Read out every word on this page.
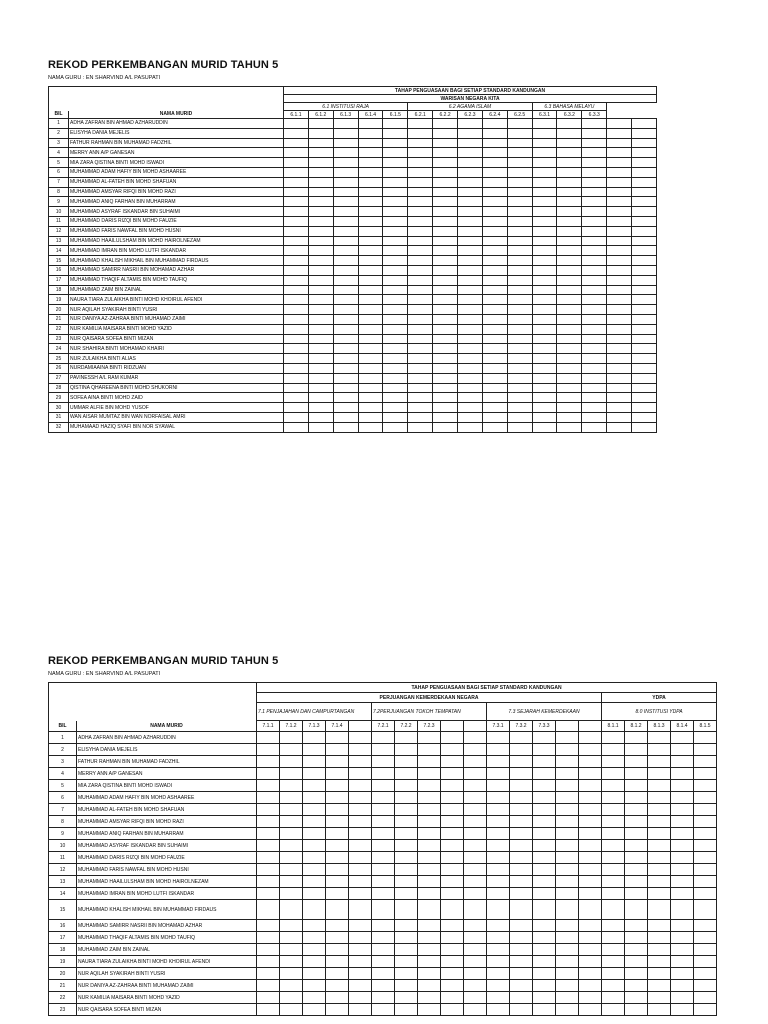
REKOD PERKEMBANGAN MURID TAHUN 5
NAMA GURU : EN SHARVIND A/L PASUPATI
		TAHAP PENGUASAAN BAGI SETIAP STANDARD KANDUNGAN														
		WARISAN NEGARA KITA														
		6.1 INSTITUSI RAJA					6.2 AGAMA ISLAM					6.3 BAHASA MELAYU				
BIL	NAMA MURID	6.1.1	6.1.2	6.1.3	6.1.4	6.1.5	6.2.1	6.2.2	6.2.3	6.2.4	6.2.5	6.3.1	6.3.2	6.3.3		
1	ADHA ZAFRAN BIN AHMAD AZHARUDDIN															
2	ELISYHA DANIA MEJELIS															
3	FATHUR RAHMAN BIN MUHAMAD FADZHIL															
4	MERRY ANN A/P GANESAN															
5	MIA ZARA QISTINA BINTI MOHD ISWADI															
6	MUHAMMAD ADAM HAFIY BIN MOHD ASHAAREE															
7	MUHAMMAD AL-FATEH BIN MOHD SHAFUAN															
8	MUHAMMAD AMSYAR RIFQI BIN MOHD RAZI															
9	MUHAMMAD ANIQ FARHAN BIN MUHARRAM															
10	MUHAMMAD ASYRAF ISKANDAR BIN SUHAIMI															
11	MUHAMMAD DARIS RIZQI BIN MOHD FAUZIE															
12	MUHAMMAD FARIS NAWFAL BIN MOHD HUSNI															
13	MUHAMMAD HAAILULSHAM BIN MOHD HAIROLNEZAM															
14	MUHAMMAD IMRAN BIN MOHD LUTFI ISKANDAR															
15	MUHAMMAD KHALISH MIKHAIL BIN MUHAMMAD FIRDAUS															
16	MUHAMMAD SAMIRR NASRII BIN MOHAMAD AZHAR															
17	MUHAMMAD THAQIF ALTAMIS BIN MOHD TAUFIQ															
18	MUHAMMAD ZAIM BIN ZAINAL															
19	NAURA TIARA ZULAIKHA BINTI MOHD KHOIRUL AFENDI															
20	NUR AQILAH SYAKIRAH BINTI YUSRI															
21	NUR DANIYA AZ-ZAHRAA BINTI MUHAMAD ZAIMI															
22	NUR KAMILIA MAISARA BINTI MOHD YAZID															
23	NUR QAISARA SOFEA BINTI MIZAN															
24	NUR SHAHIRA BINTI MOHAMAD KHAIRI															
25	NUR ZULAIKHA BINTI ALIAS															
26	NURDAMIAAINA BINTI RIDZUAN															
27	PAVINESSH A/L RAM KUMAR															
28	QISTINA QHAREENA BINTI MOHD SHUKORNI															
29	SOFEA AINA BINTI MOHD ZAID															
30	UMMAR ALFIE BIN MOHD YUSOF															
31	WAN AISAR MUMTAZ BIN WAN NORFAISAL AMRI															
32	MUHAMAAD HAZIQ SYAFI BIN NOR SYAWAL															
REKOD PERKEMBANGAN MURID TAHUN 5
NAMA GURU : EN SHARVIND A/L PASUPATI
		TAHAP PENGUASAAN BAGI SETIAP STANDARD KANDUNGAN																			
		PERJUANGAN KEMERDEKAAN NEGARA															YDPA				
		7.1 PENJAJAHAN DAN CAMPURTANGAN					7.2PERJUANGAN TOKOH TEMPATAN					7.3 SEJARAH KEMERDEKAAN					8.0 INSTITUSI YDPA				
BIL	NAMA MURID	7.1.1	7.1.2	7.1.3	7.1.4		7.2.1	7.2.2	7.2.3			7.3.1	7.3.2	7.3.3			8.1.1	8.1.2	8.1.3	8.1.4	8.1.5
1	ADHA ZAFRAN BIN AHMAD AZHARUDDIN																				
2	ELISYHA DANIA MEJELIS																				
3	FATHUR RAHMAN BIN MUHAMAD FADZHIL																				
4	MERRY ANN A/P GANESAN																				
5	MIA ZARA QISTINA BINTI MOHD ISWADI																				
6	MUHAMMAD ADAM HAFIY BIN MOHD ASHAAREE																				
7	MUHAMMAD AL-FATEH BIN MOHD SHAFUAN																				
8	MUHAMMAD AMSYAR RIFQI BIN MOHD RAZI																				
9	MUHAMMAD ANIQ FARHAN BIN MUHARRAM																				
10	MUHAMMAD ASYRAF ISKANDAR BIN SUHAIMI																				
11	MUHAMMAD DARIS RIZQI BIN MOHD FAUZIE																				
12	MUHAMMAD FARIS NAWFAL BIN MOHD HUSNI																				
13	MUHAMMAD HAAILULSHAM BIN MOHD HAIROLNEZAM																				
14	MUHAMMAD IMRAN BIN MOHD LUTFI ISKANDAR																				
15	MUHAMMAD KHALISH MIKHAIL BIN MUHAMMAD FIRDAUS																				
16	MUHAMMAD SAMIRR NASRII BIN MOHAMAD AZHAR																				
17	MUHAMMAD THAQIF ALTAMIS BIN MOHD TAUFIQ																				
18	MUHAMMAD ZAIM BIN ZAINAL																				
19	NAURA TIARA ZULAIKHA BINTI MOHD KHOIRUL AFENDI																				
20	NUR AQILAH SYAKIRAH BINTI YUSRI																				
21	NUR DANIYA AZ-ZAHRAA BINTI MUHAMAD ZAIMI																				
22	NUR KAMILIA MAISARA BINTI MOHD YAZID																				
23	NUR QAISARA SOFEA BINTI MIZAN																				
